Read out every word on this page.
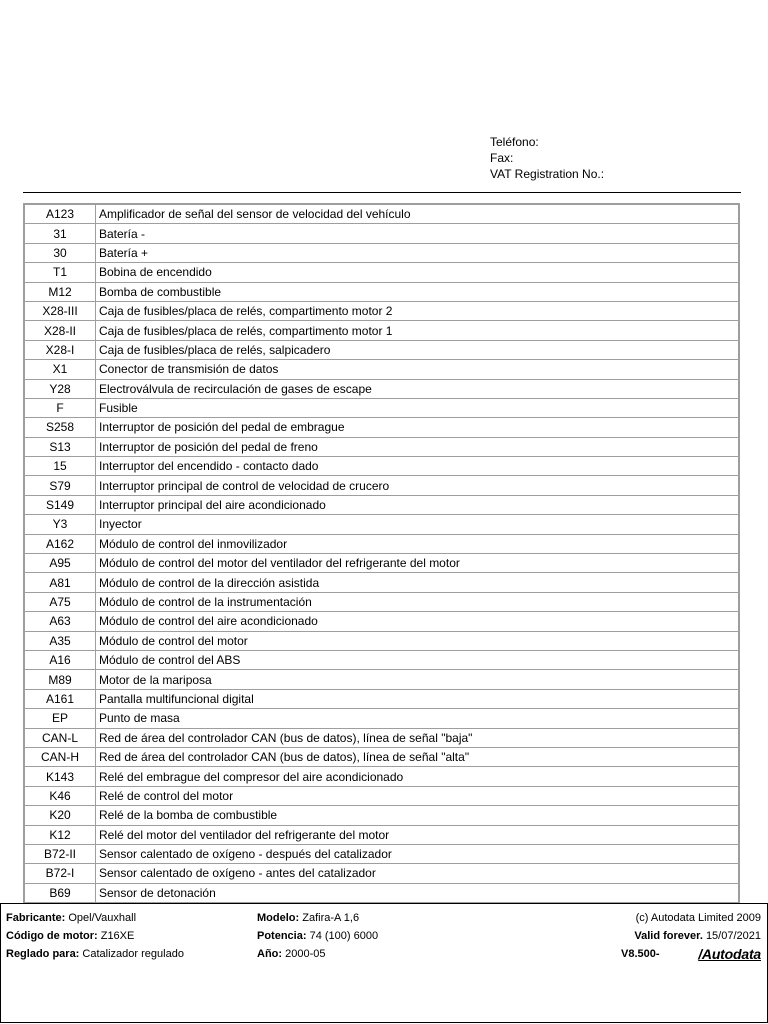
Teléfono:
Fax:
VAT Registration No.:
A123	Amplificador de señal del sensor de velocidad del vehículo
31	Batería -
30	Batería +
T1	Bobina de encendido
M12	Bomba de combustible
X28-III	Caja de fusibles/placa de relés, compartimento motor 2
X28-II	Caja de fusibles/placa de relés, compartimento motor 1
X28-I	Caja de fusibles/placa de relés, salpicadero
X1	Conector de transmisión de datos
Y28	Electroválvula de recirculación de gases de escape
F	Fusible
S258	Interruptor de posición del pedal de embrague
S13	Interruptor de posición del pedal de freno
15	Interruptor del encendido - contacto dado
S79	Interruptor principal de control de velocidad de crucero
S149	Interruptor principal del aire acondicionado
Y3	Inyector
A162	Módulo de control del inmovilizador
A95	Módulo de control del motor del ventilador del refrigerante del motor
A81	Módulo de control de la dirección asistida
A75	Módulo de control de la instrumentación
A63	Módulo de control del aire acondicionado
A35	Módulo de control del motor
A16	Módulo de control del ABS
M89	Motor de la mariposa
A161	Pantalla multifuncional digital
EP	Punto de masa
CAN-L	Red de área del controlador CAN (bus de datos), línea de señal "baja"
CAN-H	Red de área del controlador CAN (bus de datos), línea de señal "alta"
K143	Relé del embrague del compresor del aire acondicionado
K46	Relé de control del motor
K20	Relé de la bomba de combustible
K12	Relé del motor del ventilador del refrigerante del motor
B72-II	Sensor calentado de oxígeno - después del catalizador
B72-I	Sensor calentado de oxígeno - antes del catalizador
B69	Sensor de detonación
Fabricante: Opel/Vauxhall
Código de motor: Z16XE
Reglado para: Catalizador regulado
Modelo: Zafira-A 1,6
Potencia: 74 (100) 6000
Año: 2000-05
(c) Autodata Limited 2009
Valid forever. 15/07/2021
V8.500-	/Autodata
